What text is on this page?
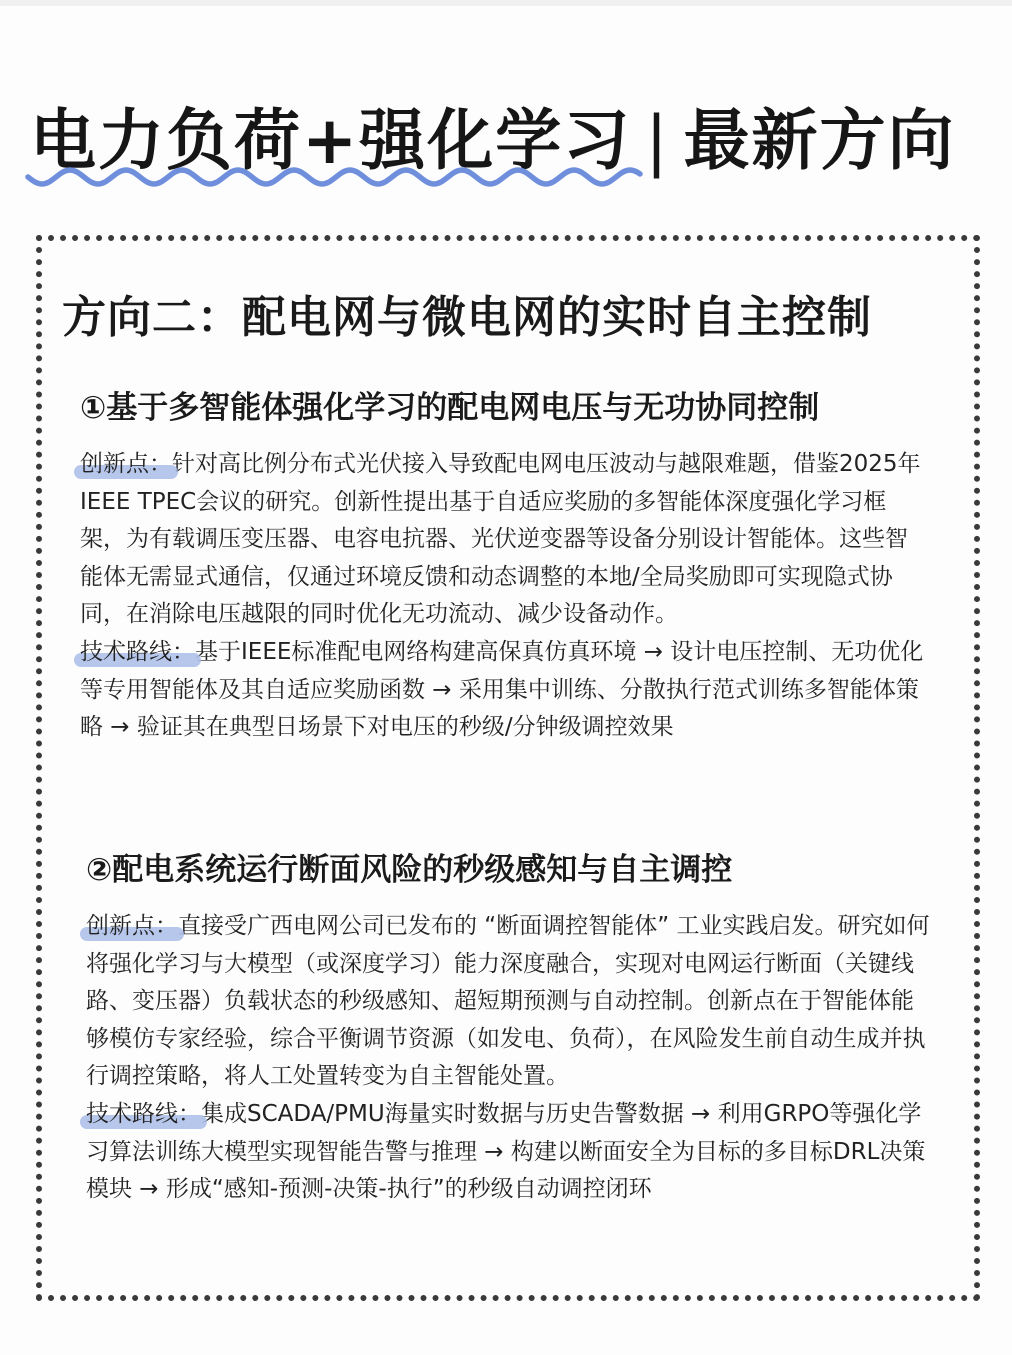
电力负荷+强化学习 | 最新方向
方向二：配电网与微电网的实时自主控制
①基于多智能体强化学习的配电网电压与无功协同控制

创新点：针对高比例分布式光伏接入导致配电网电压波动与越限难题，借鉴2025年IEEE TPEC会议的研究。创新性提出基于自适应奖励的多智能体深度强化学习框架，为有载调压变压器、电容电抗器、光伏逆变器等设备分别设计智能体。这些智能体无需显式通信，仅通过环境反馈和动态调整的本地/全局奖励即可实现隐式协同，在消除电压越限的同时优化无功流动、减少设备动作。

技术路线：基于IEEE标准配电网络构建高保真仿真环境 → 设计电压控制、无功优化等专用智能体及其自适应奖励函数 → 采用集中训练、分散执行范式训练多智能体策略 → 验证其在典型日场景下对电压的秒级/分钟级调控效果

②配电系统运行断面风险的秒级感知与自主调控

创新点：直接受广西电网公司已发布的 “断面调控智能体” 工业实践启发。研究如何将强化学习与大模型（或深度学习）能力深度融合，实现对电网运行断面（关键线路、变压器）负载状态的秒级感知、超短期预测与自动控制。创新点在于智能体能够模仿专家经验，综合平衡调节资源（如发电、负荷），在风险发生前自动生成并执行调控策略，将人工处置转变为自主智能处置。

技术路线：集成SCADA/PMU海量实时数据与历史告警数据 → 利用GRPO等强化学习算法训练大模型实现智能告警与推理 → 构建以断面安全为目标的多目标DRL决策模块 → 形成“感知-预测-决策-执行”的秒级自动调控闭环
